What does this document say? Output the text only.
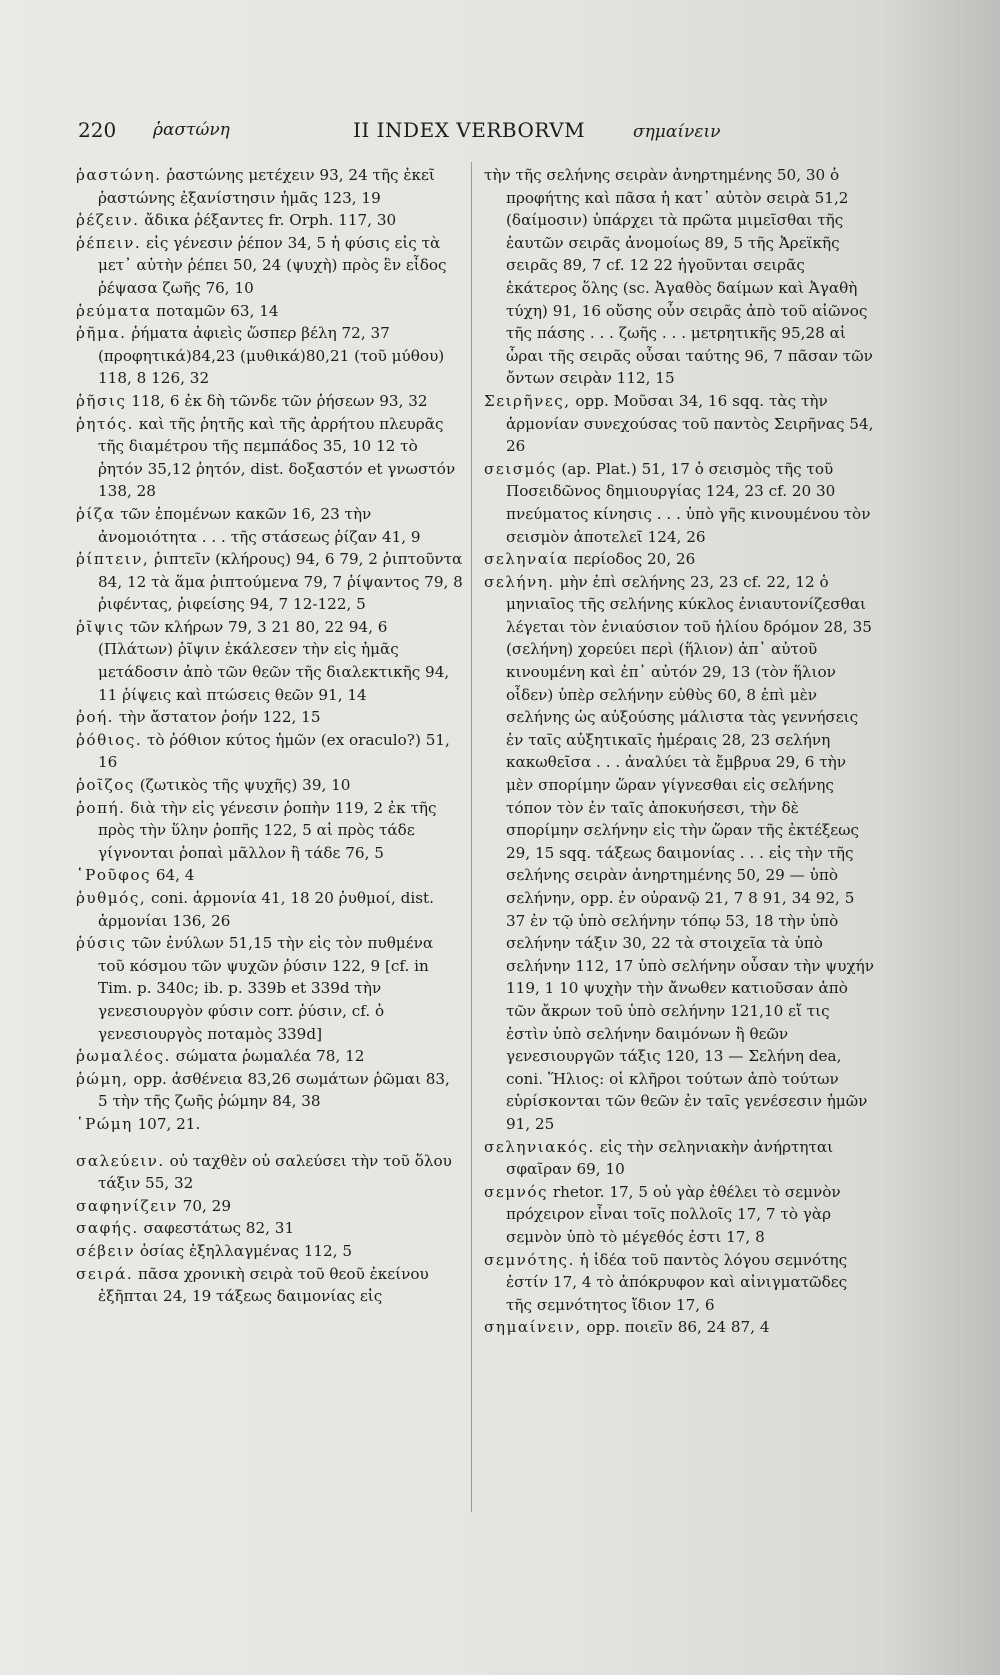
220 ῥαστώνη	II INDEX VERBORVM	σημαίνειν

ῥαστώνη. ῥαστώνης μετέχειν 93, 24 τῆς ἐκεῖ ῥαστώνης ἐξανίστησιν ἡμᾶς 123, 19

ῥέζειν. ἄδικα ῥέξαντες fr. Orph. 117, 30

ῥέπειν. εἰς γένεσιν ῥέπον 34, 5 ἡ φύσις εἰς τὰ μετ᾽ αὐτὴν ῥέπει 50, 24 (ψυχὴ) πρὸς ἓν εἶδος ῥέψασα ζωῆς 76, 10

ῥεύματα ποταμῶν 63, 14

ῥῆμα. ῥήματα ἀφιεὶς ὥσπερ βέλη 72, 37 (προφητικά)84,23 (μυθικά)80,21 (τοῦ μύθου) 118, 8 126, 32

ῥῆσις 118, 6 ἐκ δὴ τῶνδε τῶν ῥήσεων 93, 32

ῥητός. καὶ τῆς ῥητῆς καὶ τῆς ἀρρήτου πλευρᾶς τῆς διαμέτρου τῆς πεμπάδος 35, 10 12 τὸ ῥητόν 35,12 ῥητόν, dist. δοξαστόν et γνωστόν 138, 28

ῥίζα τῶν ἑπομένων κακῶν 16, 23 τὴν ἀνομοιότητα . . . τῆς στάσεως ῥίζαν 41, 9

ῥίπτειν, ῥιπτεῖν (κλήρους) 94, 6 79, 2 ῥιπτοῦντα 84, 12 τὰ ἅμα ῥιπτούμενα 79, 7 ῥίψαντος 79, 8 ῥιφέντας, ῥιφείσης 94, 7 12-122, 5

ῥῖψις τῶν κλήρων 79, 3 21 80, 22 94, 6 (Πλάτων) ῥῖψιν ἐκάλεσεν τὴν εἰς ἡμᾶς μετάδοσιν ἀπὸ τῶν θεῶν τῆς διαλεκτικῆς 94, 11 ῥίψεις καὶ πτώσεις θεῶν 91, 14

ῥοή. τὴν ἄστατον ῥοήν 122, 15

ῥόθιος. τὸ ῥόθιον κύτος ἡμῶν (ex oraculo?) 51, 16

ῥοῖζος (ζωτικὸς τῆς ψυχῆς) 39, 10

ῥοπή. διὰ τὴν εἰς γένεσιν ῥοπὴν 119, 2 ἐκ τῆς πρὸς τὴν ὕλην ῥοπῆς 122, 5 αἱ πρὸς τάδε γίγνονται ῥοπαὶ μᾶλλον ἢ τάδε 76, 5

῾Ροῦφος 64, 4

ῥυθμός, coni. ἁρμονία 41, 18 20 ῥυθμοί, dist. ἁρμονίαι 136, 26

ῥύσις τῶν ἐνύλων 51,15 τὴν εἰς τὸν πυθμένα τοῦ κόσμου τῶν ψυχῶν ῥύσιν 122, 9 [cf. in Tim. p. 340c; ib. p. 339b et 339d τὴν γενεσιουργὸν φύσιν corr. ῥύσιν, cf. ὁ γενεσιουργὸς ποταμὸς 339d]

ῥωμαλέος. σώματα ῥωμαλέα 78, 12

ῥώμη, opp. ἀσθένεια 83,26 σωμάτων ῥῶμαι 83, 5 τὴν τῆς ζωῆς ῥώμην 84, 38

῾Ρώμη 107, 21.

σαλεύειν. οὐ ταχθὲν οὐ σαλεύσει τὴν τοῦ ὅλου τάξιν 55, 32

σαφηνίζειν 70, 29

σαφής. σαφεστάτως 82, 31

σέβειν ὁσίας ἐξηλλαγμένας 112, 5

σειρά. πᾶσα χρονικὴ σειρὰ τοῦ θεοῦ ἐκείνου ἐξῆπται 24, 19 τάξεως δαιμονίας εἰς

τὴν τῆς σελήνης σειρὰν ἀνηρτημένης 50, 30 ὁ προφήτης καὶ πᾶσα ἡ κατ᾽ αὐτὸν σειρὰ 51,2 (δαίμοσιν) ὑπάρχει τὰ πρῶτα μιμεῖσθαι τῆς ἑαυτῶν σειρᾶς ἀνομοίως 89, 5 τῆς Ἀρεϊκῆς σειρᾶς 89, 7 cf. 12 22 ἡγοῦνται σειρᾶς ἑκάτερος ὅλης (sc. Ἀγαθὸς δαίμων καὶ Ἀγαθὴ τύχη) 91, 16 οὔσης οὖν σειρᾶς ἀπὸ τοῦ αἰῶνος τῆς πάσης . . . ζωῆς . . . μετρητικῆς 95,28 αἱ ὧραι τῆς σειρᾶς οὖσαι ταύτης 96, 7 πᾶσαν τῶν ὄντων σειρὰν 112, 15

Σειρῆνες, opp. Μοῦσαι 34, 16 sqq. τὰς τὴν ἁρμονίαν συνεχούσας τοῦ παντὸς Σειρῆνας 54, 26

σεισμός (ap. Plat.) 51, 17 ὁ σεισμὸς τῆς τοῦ Ποσειδῶνος δημιουργίας 124, 23 cf. 20 30 πνεύματος κίνησις . . . ὑπὸ γῆς κινουμένου τὸν σεισμὸν ἀποτελεῖ 124, 26

σεληναία περίοδος 20, 26

σελήνη. μὴν ἐπὶ σελήνης 23, 23 cf. 22, 12 ὁ μηνιαῖος τῆς σελήνης κύκλος ἐνιαυτονίζεσθαι λέγεται τὸν ἐνιαύσιον τοῦ ἡλίου δρόμον 28, 35 (σελήνη) χορεύει περὶ (ἥλιον) ἀπ᾽ αὐτοῦ κινουμένη καὶ ἐπ᾽ αὐτόν 29, 13 (τὸν ἥλιον οἶδεν) ὑπὲρ σελήνην εὐθὺς 60, 8 ἐπὶ μὲν σελήνης ὡς αὐξούσης μάλιστα τὰς γεννήσεις ἐν ταῖς αὐξητικαῖς ἡμέραις 28, 23 σελήνη κακωθεῖσα . . . ἀναλύει τὰ ἔμβρυα 29, 6 τὴν μὲν σπορίμην ὥραν γίγνεσθαι εἰς σελήνης τόπον τὸν ἐν ταῖς ἀποκυήσεσι, τὴν δὲ σπορίμην σελήνην εἰς τὴν ὥραν τῆς ἐκτέξεως 29, 15 sqq. τάξεως δαιμονίας . . . εἰς τὴν τῆς σελήνης σειρὰν ἀνηρτημένης 50, 29 — ὑπὸ σελήνην, opp. ἐν οὐρανῷ 21, 7 8 91, 34 92, 5 37 ἐν τῷ ὑπὸ σελήνην τόπῳ 53, 18 τὴν ὑπὸ σελήνην τάξιν 30, 22 τὰ στοιχεῖα τὰ ὑπὸ σελήνην 112, 17 ὑπὸ σελήνην οὖσαν τὴν ψυχήν 119, 1 10 ψυχὴν τὴν ἄνωθεν κατιοῦσαν ἀπὸ τῶν ἄκρων τοῦ ὑπὸ σελήνην 121,10 εἴ τις ἐστὶν ὑπὸ σελήνην δαιμόνων ἢ θεῶν γενεσιουργῶν τάξις 120, 13 — Σελήνη dea, coni. Ἥλιος: οἱ κλῆροι τούτων ἀπὸ τούτων εὑρίσκονται τῶν θεῶν ἐν ταῖς γενέσεσιν ἡμῶν 91, 25

σεληνιακός. εἰς τὴν σεληνιακὴν ἀνήρτηται σφαῖραν 69, 10

σεμνός rhetor. 17, 5 οὐ γὰρ ἐθέλει τὸ σεμνὸν πρόχειρον εἶναι τοῖς πολλοῖς 17, 7 τὸ γὰρ σεμνὸν ὑπὸ τὸ μέγεθός ἐστι 17, 8

σεμνότης. ἡ ἰδέα τοῦ παντὸς λόγου σεμνότης ἐστίν 17, 4 τὸ ἀπόκρυφον καὶ αἰνιγματῶδες τῆς σεμνότητος ἴδιον 17, 6

σημαίνειν, opp. ποιεῖν 86, 24 87, 4
